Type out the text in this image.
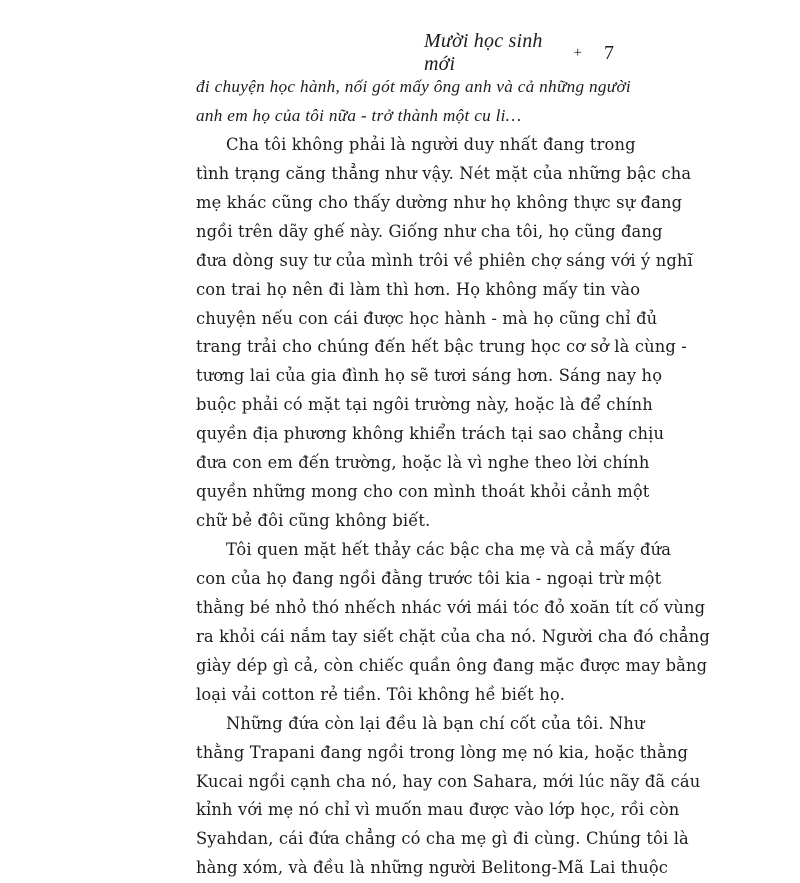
Mười học sinh mới
+ 7
đi chuyện học hành, nối gót mấy ông anh và cả những người
anh em họ của tôi nữa - trở thành một cu li…
Cha tôi không phải là người duy nhất đang trong
tình trạng căng thẳng như vậy. Nét mặt của những bậc cha
mẹ khác cũng cho thấy dường như họ không thực sự đang
ngồi trên dãy ghế này. Giống như cha tôi, họ cũng đang
đưa dòng suy tư của mình trôi về phiên chợ sáng với ý nghĩ
con trai họ nên đi làm thì hơn. Họ không mấy tin vào
chuyện nếu con cái được học hành - mà họ cũng chỉ đủ
trang trải cho chúng đến hết bậc trung học cơ sở là cùng -
tương lai của gia đình họ sẽ tươi sáng hơn. Sáng nay họ
buộc phải có mặt tại ngôi trường này, hoặc là để chính
quyền địa phương không khiển trách tại sao chẳng chịu
đưa con em đến trường, hoặc là vì nghe theo lời chính
quyền những mong cho con mình thoát khỏi cảnh một
chữ bẻ đôi cũng không biết.
Tôi quen mặt hết thảy các bậc cha mẹ và cả mấy đứa
con của họ đang ngồi đằng trước tôi kia - ngoại trừ một
thằng bé nhỏ thó nhếch nhác với mái tóc đỏ xoăn tít cố vùng
ra khỏi cái nắm tay siết chặt của cha nó. Người cha đó chẳng
giày dép gì cả, còn chiếc quần ông đang mặc được may bằng
loại vải cotton rẻ tiền. Tôi không hề biết họ.
Những đứa còn lại đều là bạn chí cốt của tôi. Như
thằng Trapani đang ngồi trong lòng mẹ nó kia, hoặc thằng
Kucai ngồi cạnh cha nó, hay con Sahara, mới lúc nãy đã cáu
kỉnh với mẹ nó chỉ vì muốn mau được vào lớp học, rồi còn
Syahdan, cái đứa chẳng có cha mẹ gì đi cùng. Chúng tôi là
hàng xóm, và đều là những người Belitong-Mã Lai thuộc
